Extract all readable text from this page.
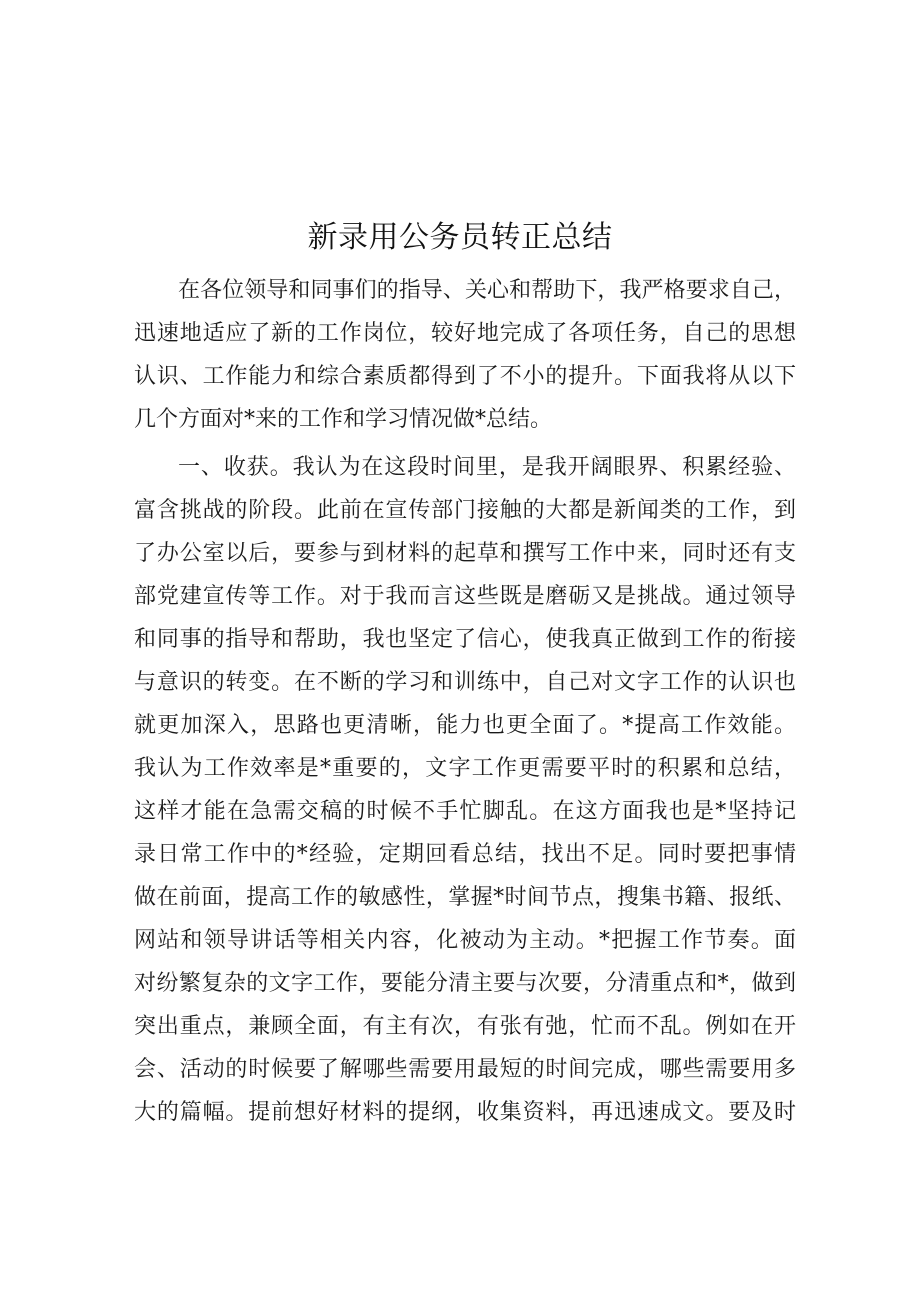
新录用公务员转正总结
在各位领导和同事们的指导、关心和帮助下，我严格要求自己，
迅速地适应了新的工作岗位，较好地完成了各项任务，自己的思想
认识、工作能力和综合素质都得到了不小的提升。下面我将从以下
几个方面对*来的工作和学习情况做*总结。
一、收获。我认为在这段时间里，是我开阔眼界、积累经验、
富含挑战的阶段。此前在宣传部门接触的大都是新闻类的工作，到
了办公室以后，要参与到材料的起草和撰写工作中来，同时还有支
部党建宣传等工作。对于我而言这些既是磨砺又是挑战。通过领导
和同事的指导和帮助，我也坚定了信心，使我真正做到工作的衔接
与意识的转变。在不断的学习和训练中，自己对文字工作的认识也
就更加深入，思路也更清晰，能力也更全面了。*提高工作效能。
我认为工作效率是*重要的，文字工作更需要平时的积累和总结，
这样才能在急需交稿的时候不手忙脚乱。在这方面我也是*坚持记
录日常工作中的*经验，定期回看总结，找出不足。同时要把事情
做在前面，提高工作的敏感性，掌握*时间节点，搜集书籍、报纸、
网站和领导讲话等相关内容，化被动为主动。*把握工作节奏。面
对纷繁复杂的文字工作，要能分清主要与次要，分清重点和*，做到
突出重点，兼顾全面，有主有次，有张有弛，忙而不乱。例如在开
会、活动的时候要了解哪些需要用最短的时间完成，哪些需要用多
大的篇幅。提前想好材料的提纲，收集资料，再迅速成文。要及时
